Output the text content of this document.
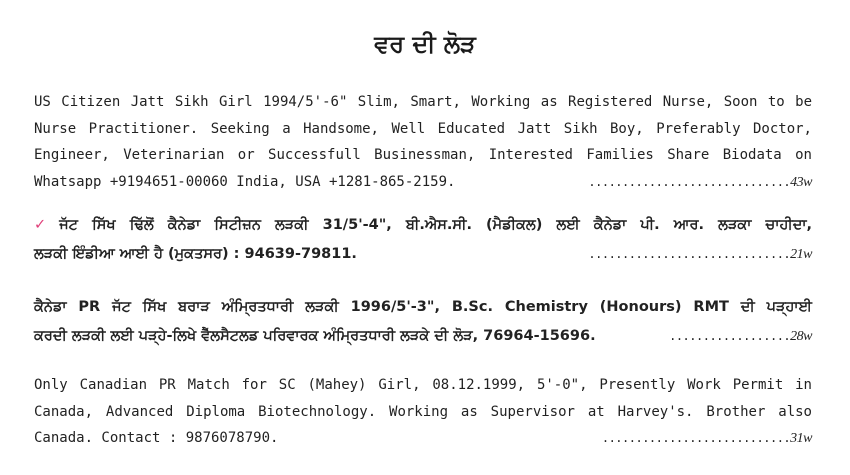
ਵਰ ਦੀ ਲੋੜ
US Citizen Jatt Sikh Girl 1994/5'-6" Slim, Smart, Working as Registered Nurse, Soon to be
Nurse Practitioner. Seeking a Handsome, Well Educated Jatt Sikh Boy, Preferably Doctor,
Engineer, Veterinarian or Successfull Businessman, Interested Families Share Biodata on
Whatsapp +9194651-00060 India, USA +1281-865-2159.	..............................43w
✓ ਜੱਟ ਸਿੱਖ ਢਿੱਲੋਂ ਕੈਨੇਡਾ ਸਿਟੀਜ਼ਨ ਲੜਕੀ 31/5'-4", ਬੀ.ਐਸ.ਸੀ. (ਮੈਡੀਕਲ) ਲਈ ਕੈਨੇਡਾ ਪੀ. ਆਰ. ਲੜਕਾ ਚਾਹੀਦਾ,
ਲੜਕੀ ਇੰਡੀਆ ਆਈ ਹੈ (ਮੁਕਤਸਰ) : 94639-79811.	..............................21w
ਕੈਨੇਡਾ PR ਜੱਟ ਸਿੱਖ ਬਰਾੜ ਅੰਮ੍ਰਿਤਧਾਰੀ ਲੜਕੀ 1996/5'-3", B.Sc. Chemistry (Honours) RMT ਦੀ ਪੜ੍ਹਾਈ
ਕਰਦੀ ਲੜਕੀ ਲਈ ਪੜ੍ਹੇ-ਲਿਖੇ ਵੈੱਲਸੈਟਲਡ ਪਰਿਵਾਰਕ ਅੰਮ੍ਰਿਤਧਾਰੀ ਲੜਕੇ ਦੀ ਲੋੜ, 76964-15696.	..................28w
Only Canadian PR Match for SC (Mahey) Girl, 08.12.1999, 5'-0", Presently Work Permit in
Canada, Advanced Diploma Biotechnology. Working as Supervisor at Harvey's. Brother also
Canada. Contact : 9876078790.	............................31w
